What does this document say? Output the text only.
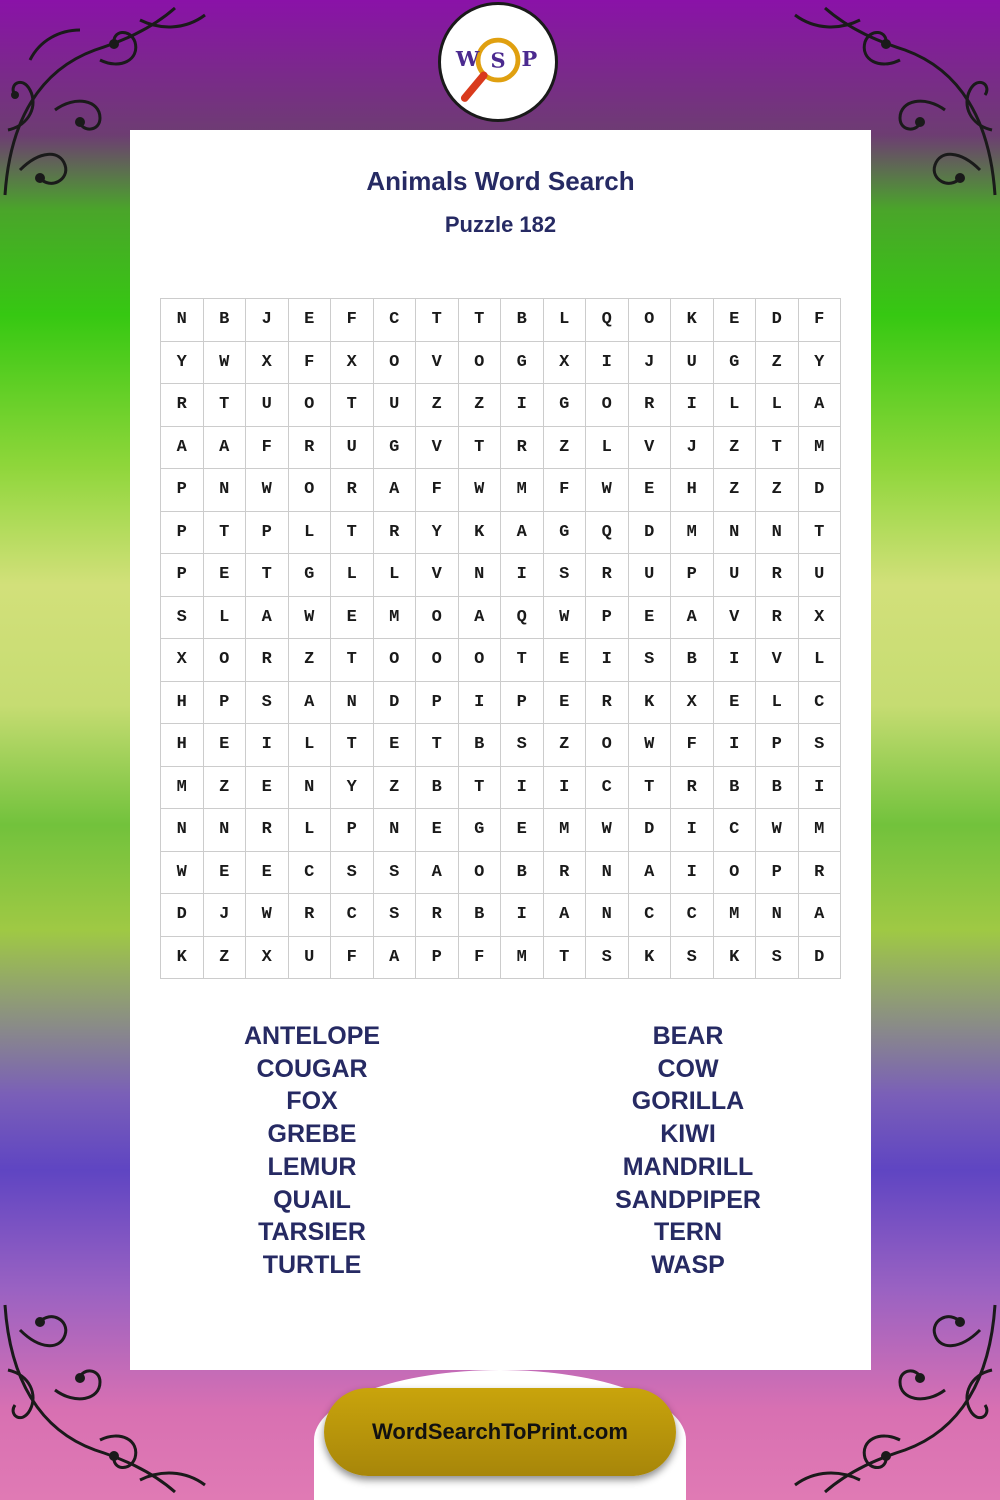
W S P
Animals Word Search
Puzzle 182
N	B	J	E	F	C	T	T	B	L	Q	O	K	E	D	F
Y	W	X	F	X	O	V	O	G	X	I	J	U	G	Z	Y
R	T	U	O	T	U	Z	Z	I	G	O	R	I	L	L	A
A	A	F	R	U	G	V	T	R	Z	L	V	J	Z	T	M
P	N	W	O	R	A	F	W	M	F	W	E	H	Z	Z	D
P	T	P	L	T	R	Y	K	A	G	Q	D	M	N	N	T
P	E	T	G	L	L	V	N	I	S	R	U	P	U	R	U
S	L	A	W	E	M	O	A	Q	W	P	E	A	V	R	X
X	O	R	Z	T	O	O	O	T	E	I	S	B	I	V	L
H	P	S	A	N	D	P	I	P	E	R	K	X	E	L	C
H	E	I	L	T	E	T	B	S	Z	O	W	F	I	P	S
M	Z	E	N	Y	Z	B	T	I	I	C	T	R	B	B	I
N	N	R	L	P	N	E	G	E	M	W	D	I	C	W	M
W	E	E	C	S	S	A	O	B	R	N	A	I	O	P	R
D	J	W	R	C	S	R	B	I	A	N	C	C	M	N	A
K	Z	X	U	F	A	P	F	M	T	S	K	S	K	S	D
ANTELOPE
COUGAR
FOX
GREBE
LEMUR
QUAIL
TARSIER
TURTLE
BEAR
COW
GORILLA
KIWI
MANDRILL
SANDPIPER
TERN
WASP
WordSearchToPrint.com
